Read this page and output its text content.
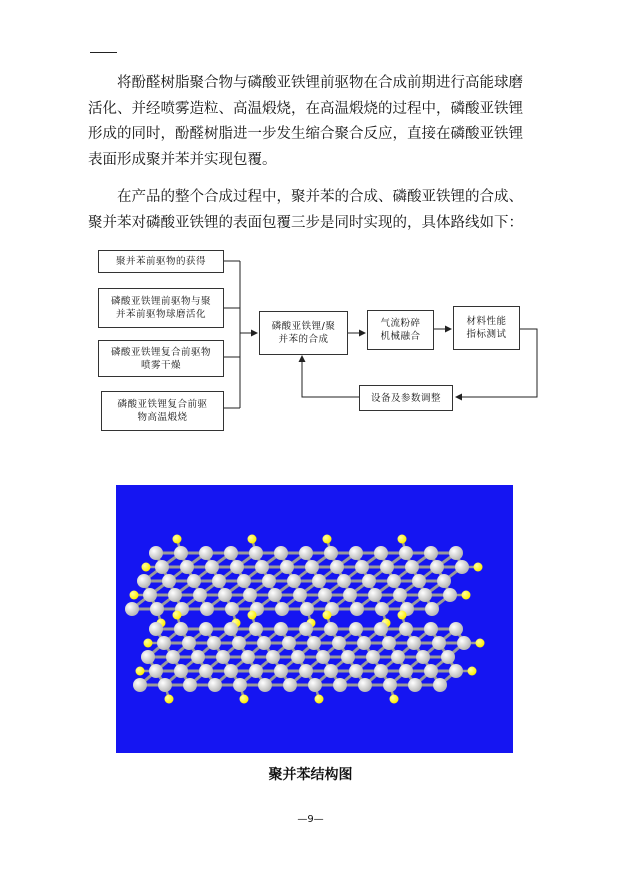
将酚醛树脂聚合物与磷酸亚铁锂前驱物在合成前期进行高能球磨
活化、并经喷雾造粒、高温煅烧，在高温煅烧的过程中，磷酸亚铁锂
形成的同时，酚醛树脂进一步发生缩合聚合反应，直接在磷酸亚铁锂
表面形成聚并苯并实现包覆。
在产品的整个合成过程中，聚并苯的合成、磷酸亚铁锂的合成、
聚并苯对磷酸亚铁锂的表面包覆三步是同时实现的，具体路线如下：
聚并苯前驱物的获得
磷酸亚铁锂前驱物与聚
并苯前驱物球磨活化
磷酸亚铁锂复合前驱物
喷雾干燥
磷酸亚铁锂复合前驱
物高温煅烧
磷酸亚铁锂/聚
并苯的合成
气流粉碎
机械融合
材料性能
指标测试
设备及参数调整
聚并苯结构图
—9—
